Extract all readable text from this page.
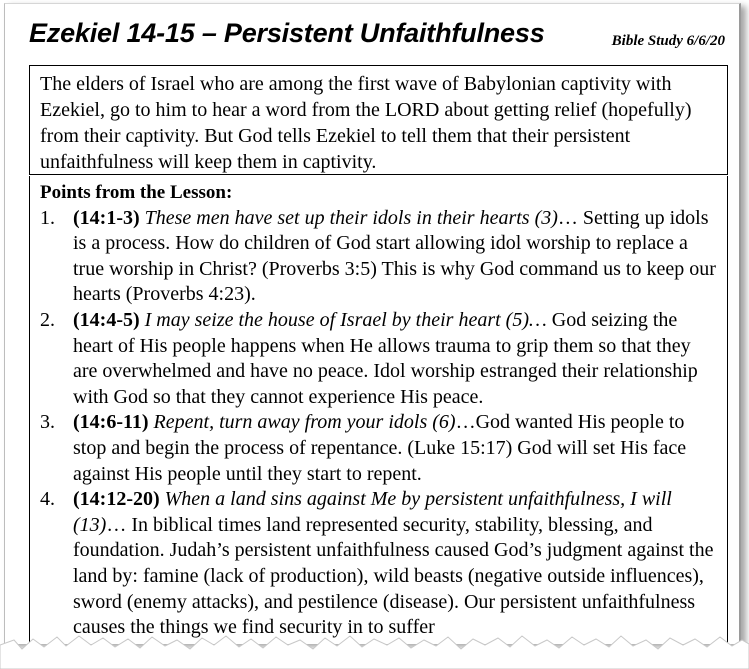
Ezekiel 14-15 – Persistent Unfaithfulness	Bible Study 6/6/20
The elders of Israel who are among the first wave of Babylonian captivity with Ezekiel, go to him to hear a word from the LORD about getting relief (hopefully) from their captivity. But God tells Ezekiel to tell them that their persistent unfaithfulness will keep them in captivity.
Points from the Lesson:
1. (14:1-3) These men have set up their idols in their hearts (3)… Setting up idols is a process. How do children of God start allowing idol worship to replace a true worship in Christ? (Proverbs 3:5) This is why God command us to keep our hearts (Proverbs 4:23).
2. (14:4-5) I may seize the house of Israel by their heart (5)… God seizing the heart of His people happens when He allows trauma to grip them so that they are overwhelmed and have no peace. Idol worship estranged their relationship with God so that they cannot experience His peace.
3. (14:6-11) Repent, turn away from your idols (6)…God wanted His people to stop and begin the process of repentance. (Luke 15:17) God will set His face against His people until they start to repent.
4. (14:12-20) When a land sins against Me by persistent unfaithfulness, I will (13)… In biblical times land represented security, stability, blessing, and foundation. Judah’s persistent unfaithfulness caused God’s judgment against the land by: famine (lack of production), wild beasts (negative outside influences), sword (enemy attacks), and pestilence (disease). Our persistent unfaithfulness causes the things we find security in to suffer
